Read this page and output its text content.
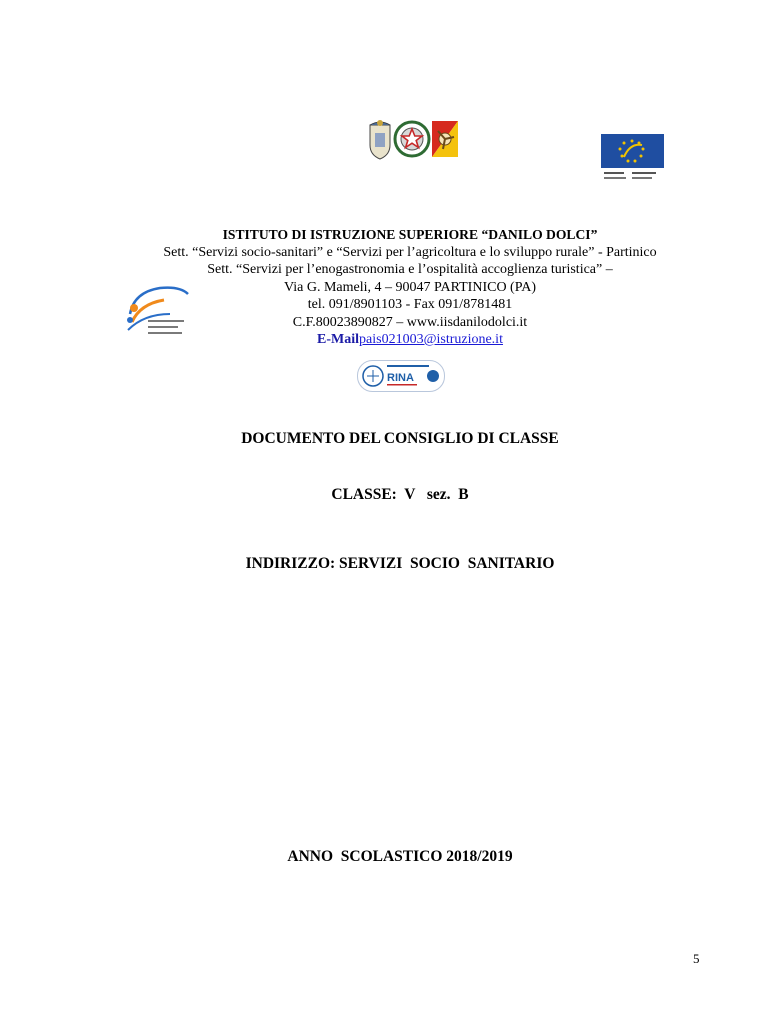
ISTITUTO DI ISTRUZIONE SUPERIORE “DANILO DOLCI”
Sett. “Servizi socio-sanitari” e “Servizi per l’agricoltura e lo sviluppo rurale” - Partinico
Sett. “Servizi per l’enogastronomia e l’ospitalità accoglienza turistica” –
Via G. Mameli, 4 – 90047 PARTINICO (PA)
tel. 091/8901103 - Fax 091/8781481
C.F.80023890827 – www.iisdanilodolci.it
E-Mailpais021003@istruzione.it
RINA
DOCUMENTO DEL CONSIGLIO DI CLASSE
CLASSE:  V   sez.  B
INDIRIZZO: SERVIZI  SOCIO  SANITARIO
ANNO  SCOLASTICO 2018/2019
5
